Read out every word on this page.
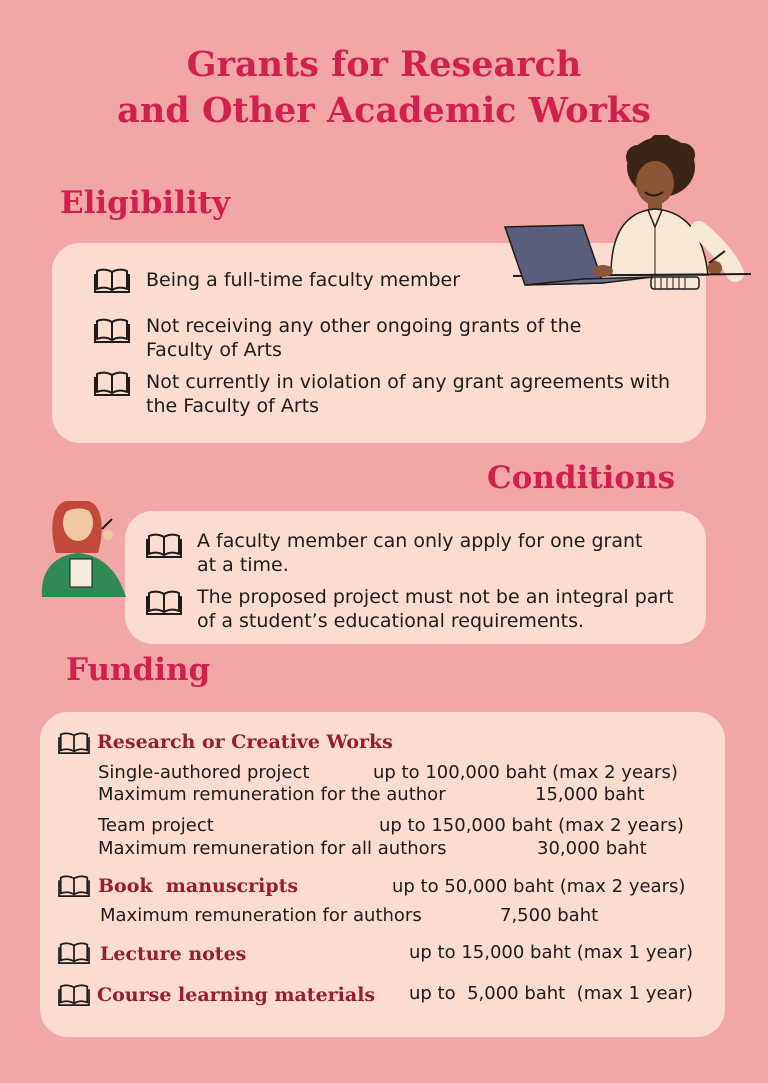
Grants for Research
and Other Academic Works
Eligibility
Being a full-time faculty member
Not receiving any other ongoing grants of the Faculty of Arts
Not currently in violation of any grant agreements with the Faculty of Arts
Conditions
A faculty member can only apply for one grant at a time.
The proposed project must not be an integral part of a student’s educational requirements.
Funding
Research or Creative Works
Single-authored project	up to 100,000 baht (max 2 years)
Maximum remuneration for the author	15,000 baht
Team project	up to 150,000 baht (max 2 years)
Maximum remuneration for all authors	30,000 baht
Book  manuscripts	up to 50,000 baht (max 2 years)
Maximum remuneration for authors	7,500 baht
Lecture notes	up to 15,000 baht (max 1 year)
Course learning materials up to  5,000 baht  (max 1 year)
